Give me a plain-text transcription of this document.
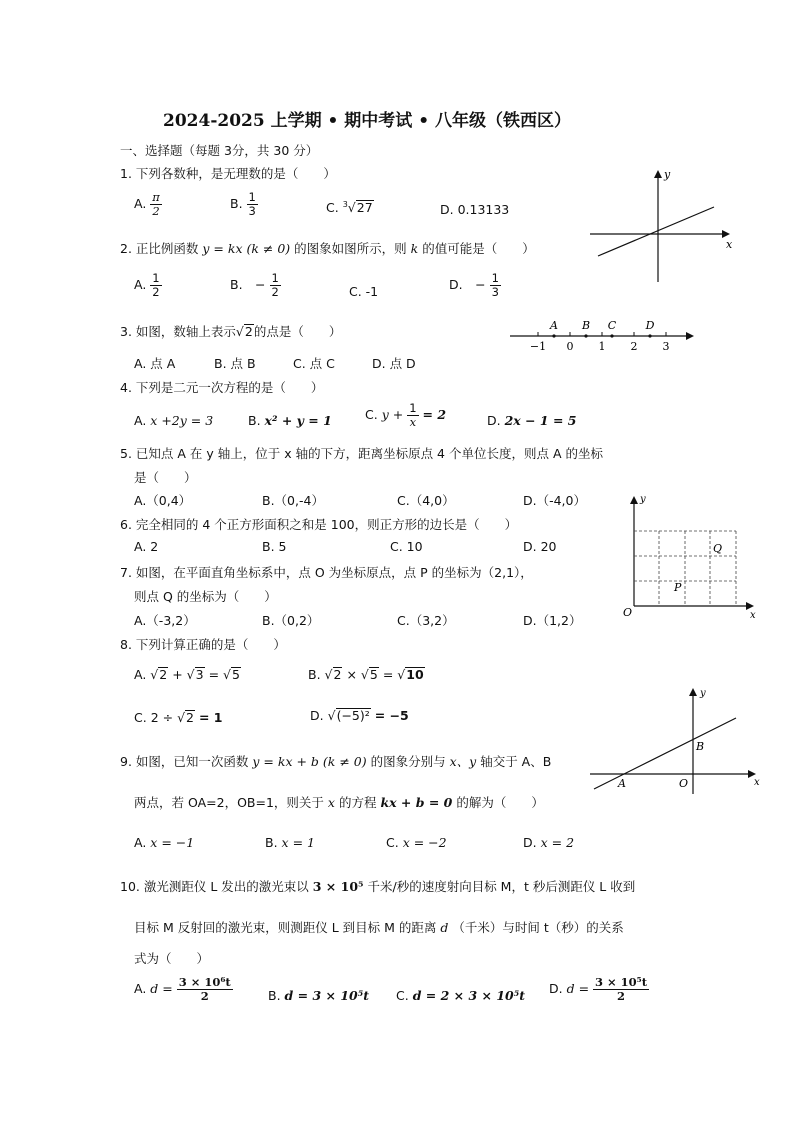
2024-2025 上学期 • 期中考试 • 八年级（铁西区）
一、选择题（每题 3分，共 30 分）
1. 下列各数种，是无理数的是（　　）
A. $\frac{\pi}{2}$	B. $\frac{1}{3}$	C. $^3$√27	D. 0.13133
x
y
2. 正比例函数 y = kx (k ≠ 0) 的图象如图所示，则 k 的值可能是（　　）
A. $\frac{1}{2}$	B.　− $\frac{1}{2}$	C. -1	D.　− $\frac{1}{3}$
3. 如图，数轴上表示√2的点是（　　）
A. 点 A	B. 点 B	C. 点 C	D. 点 D
−1 0 1 2 3
A B C	D
4. 下列是二元一次方程的是（　　）
A. x +2y = 3	B. x² + y = 1	C. $y + \frac{1}{x} = 2$	D. 2x − 1 = 5
5. 已知点 A 在 y 轴上，位于 x 轴的下方，距离坐标原点 4 个单位长度，则点 A 的坐标
是（　　）
A.（0,4）	B.（0,-4）	C.（4,0）	D.（-4,0）
6. 完全相同的 4 个正方形面积之和是 100，则正方形的边长是（　　）
A. 2	B. 5	C. 10	D. 20
y
x
O
P
Q
7. 如图，在平面直角坐标系中，点 O 为坐标原点，点 P 的坐标为（2,1），
则点 Q 的坐标为（　　）
A.（-3,2）	B.（0,2）	C.（3,2）	D.（1,2）
8. 下列计算正确的是（　　）
A. √2 + √3 = √5	B. √2 × √5 = √10
C. 2 ÷ √2 = 1	D. √(−5)² = −5
y
x
O
A
B
9. 如图，已知一次函数 y = kx + b (k ≠ 0) 的图象分别与 x、y 轴交于 A、B
两点，若 OA=2，OB=1，则关于 x 的方程 kx + b = 0 的解为（　　）
A. x = −1	B. x = 1	C. x = −2	D. x = 2
10. 激光测距仪 L 发出的激光束以 3 × 10⁵ 千米/秒的速度射向目标 M，t 秒后测距仪 L 收到
目标 M 反射回的激光束，则测距仪 L 到目标 M 的距离 d （千米）与时间 t（秒）的关系
式为（　　）
A. $d = \frac{\text{3 × 10⁶t}}{2}$	B. d = 3 × 10⁵t C. d = 2 × 3 × 10⁵t D. $d = \frac{\text{3 × 10⁵t}}{2}$
